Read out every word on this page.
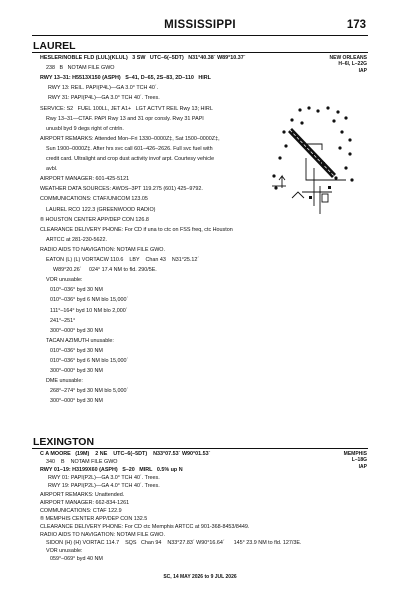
MISSISSIPPI	173
LAUREL
NEW ORLEANS
H–6I, L–22G
IAP
HESLER/NOBLE FLD (LUL)(KLUL)   3 SW   UTC–6(–5DT)   N31°40.38´ W89°10.37´
238   B   NOTAM FILE GWO
RWY 13–31: H5513X150 (ASPH)   S–41, D–65, 2S–83, 2D–110   HIRL
RWY 13: REIL. PAPI(P4L)—GA 3.0° TCH 40´.
RWY 31: PAPI(P4L)—GA 3.0° TCH 40´. Trees.
SERVICE: S2   FUEL 100LL, JET A1+   LGT ACTVT REIL Rwy 13; HIRL
Rwy 13–31—CTAF. PAPI Rwy 13 and 31 opr consly. Rwy 31 PAPI
unusbl byd 9 degs right of cntrln.
AIRPORT REMARKS: Attended Mon–Fri 1330–0000Z‡, Sat 1500–0000Z‡,
Sun 1900–0000Z‡. After hrs svc call 601–426–2626. Full svc fuel with
credit card. Ultralight and crop dust activity invof arpt. Courtesy vehicle
avbl.
AIRPORT MANAGER: 601-425-5121
WEATHER DATA SOURCES: AWOS–3PT 119.275 (601) 425–9792.
COMMUNICATIONS: CTAF/UNICOM 123.05
LAUREL RCO 122.3 (GREENWOOD RADIO)
® HOUSTON CENTER APP/DEP CON 126.8
CLEARANCE DELIVERY PHONE: For CD if una to ctc on FSS freq, ctc Houston
ARTCC at 281-230-5622.
RADIO AIDS TO NAVIGATION: NOTAM FILE GWO.
EATON (L) (L) VORTACW 110.6    LBY    Chan 43    N31°25.12´
W89°20.26´     024° 17.4 NM to fld. 290/5E.
VOR unusable:
010°–036° byd 30 NM
010°–036° byd 6 NM blo 15,000´
111°–164° byd 10 NM blo 2,000´
241°–251°
300°–000° byd 30 NM
TACAN AZIMUTH unusable:
010°–036° byd 30 NM
010°–036° byd 6 NM blo 15,000´
300°–000° byd 30 NM
DME unusable:
268°–274° byd 30 NM blo 5,000´
300°–000° byd 30 NM
LEXINGTON
MEMPHIS
L–18G
IAP
C A MOORE   (19M)    2 NE    UTC–6(–5DT)    N33°07.53´ W90°01.53´
340    B    NOTAM FILE GWO
RWY 01–19: H3199X60 (ASPH)   S–20   MIRL   0.5% up N
RWY 01: PAPI(P2L)—GA 3.0° TCH 40´. Trees.
RWY 19: PAPI(P2L)—GA 4.0° TCH 40´. Trees.
AIRPORT REMARKS: Unattended.
AIRPORT MANAGER: 662-834-1261
COMMUNICATIONS: CTAF 122.9
® MEMPHIS CENTER APP/DEP CON 132.5
CLEARANCE DELIVERY PHONE: For CD ctc Memphis ARTCC at 901-368-8453/8449.
RADIO AIDS TO NAVIGATION: NOTAM FILE GWO.
SIDON (H) (H) VORTAC 114.7    SQS   Chan 94    N33°27.83´ W90°16.64´      145° 23.9 NM to fld. 127/3E.
VOR unusable:
059°–069° byd 40 NM
SC, 14 MAY 2026 to 9 JUL 2026
